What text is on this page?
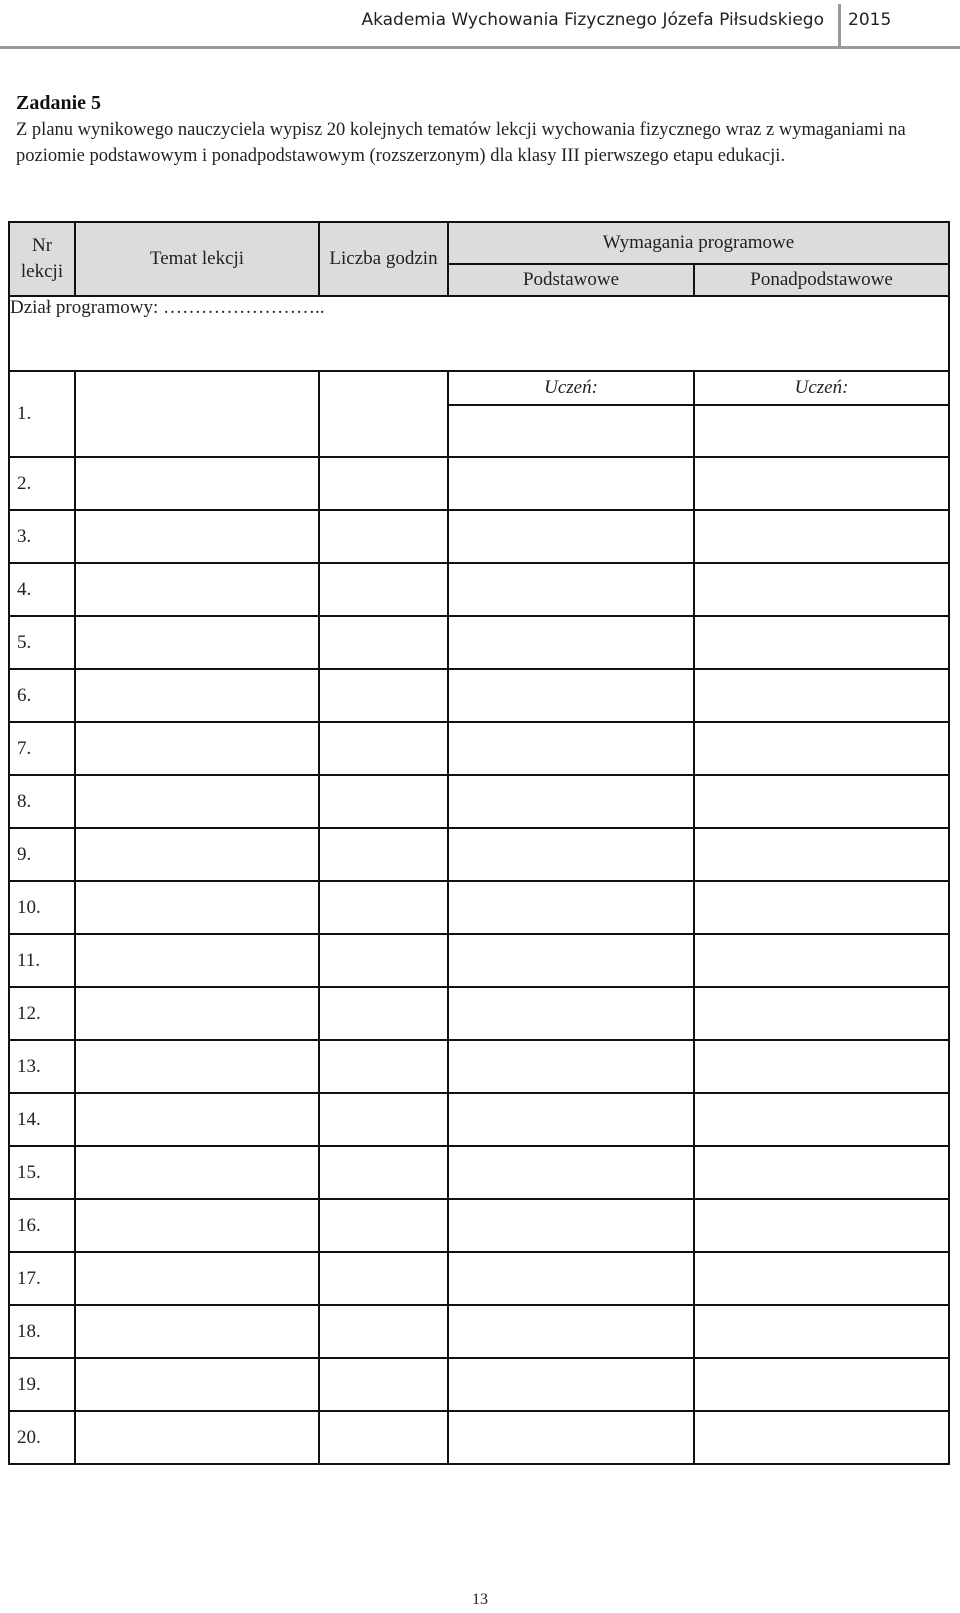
Akademia Wychowania Fizycznego Józefa Piłsudskiego 2015
Zadanie 5
Z planu wynikowego nauczyciela wypisz 20 kolejnych tematów lekcji wychowania fizycznego wraz z wymaganiami na poziomie podstawowym i ponadpodstawowym (rozszerzonym) dla klasy III pierwszego etapu edukacji.
Nr lekcji	Temat lekcji	Liczba godzin	Wymagania programowe	
			Podstawowe	Ponadpodstawowe
Dział programowy: ……………………..				
1.			Uczeń:	Uczeń:

2.				
3.				
4.				
5.				
6.				
7.				
8.				
9.				
10.				
11.				
12.				
13.				
14.				
15.				
16.				
17.				
18.				
19.				
20.				
13
